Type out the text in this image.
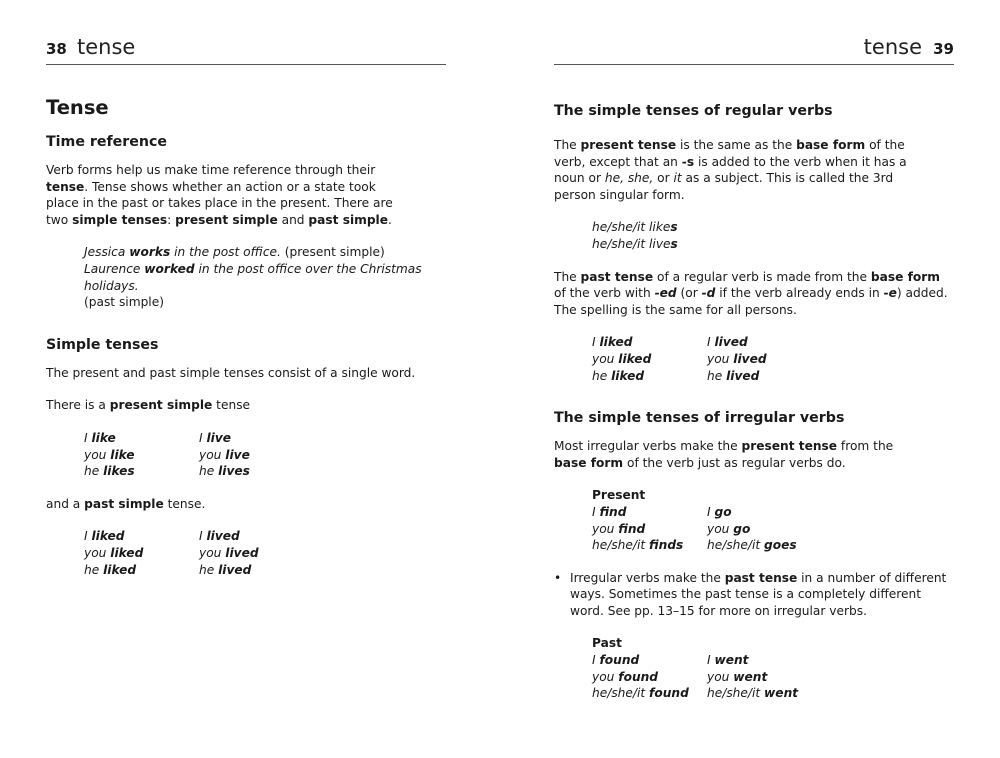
38 tense
Tense
Time reference

Verb forms help us make time reference through their tense. Tense shows whether an action or a state took place in the past or takes place in the present. There are two simple tenses: present simple and past simple.

Jessica works in the post office. (present simple)
Laurence worked in the post office over the Christmas holidays.
(past simple)
Simple tenses

The present and past simple tenses consist of a single word.

There is a present simple tense

I like
you like
he likes
I live
you live
he lives

and a past simple tense.

I liked
you liked
he liked
I lived
you lived
he lived
tense 39
The simple tenses of regular verbs

The present tense is the same as the base form of the verb, except that an -s is added to the verb when it has a noun or he, she, or it as a subject. This is called the 3rd person singular form.

he/she/it likes
he/she/it lives

The past tense of a regular verb is made from the base form of the verb with -ed (or -d if the verb already ends in -e) added. The spelling is the same for all persons.

I liked
you liked
he liked
I lived
you lived
he lived
The simple tenses of irregular verbs

Most irregular verbs make the present tense from the base form of the verb just as regular verbs do.

Present
I find
you find
he/she/it finds
I go
you go
he/she/it goes
• Irregular verbs make the past tense in a number of different ways. Sometimes the past tense is a completely different word. See pp. 13–15 for more on irregular verbs.

Past
I found
you found
he/she/it found
I went
you went
he/she/it went
